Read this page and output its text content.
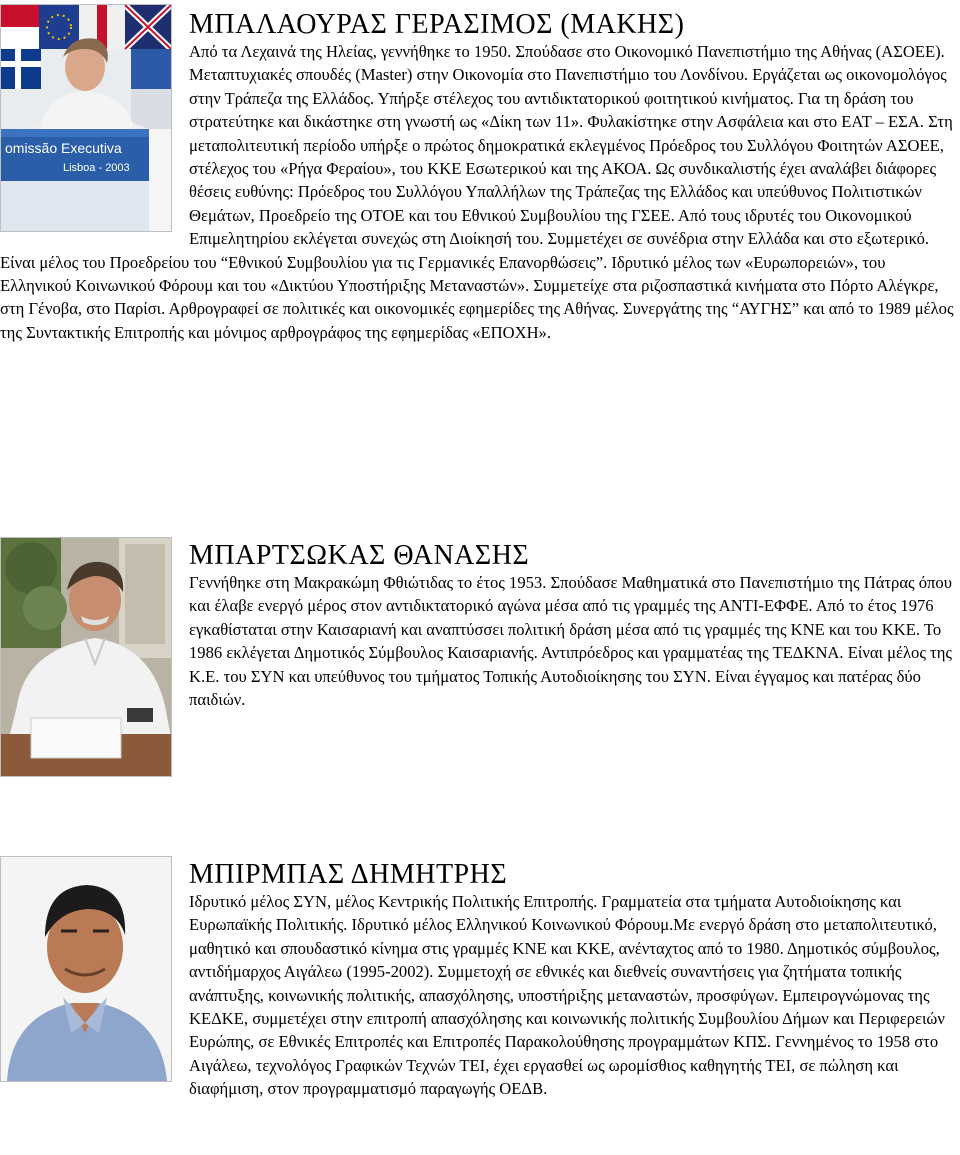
omissão Executiva
Lisboa - 2003
ΜΠΑΛΑΟΥΡΑΣ ΓΕΡΑΣΙΜΟΣ (ΜΑΚΗΣ)

Από τα Λεχαινά της Ηλείας, γεννήθηκε το 1950. Σπούδασε στο Οικονομικό Πανεπιστήμιο της Αθήνας (ΑΣΟΕΕ). Μεταπτυχιακές σπουδές (Master) στην Οικονομία στο Πανεπιστήμιο του Λονδίνου. Εργάζεται ως οικονομολόγος στην Τράπεζα της Ελλάδος. Υπήρξε στέλεχος του αντιδικτατορικού φοιτητικού κινήματος. Για τη δράση του στρατεύτηκε και δικάστηκε στη γνωστή ως «Δίκη των 11». Φυλακίστηκε στην Ασφάλεια και στο ΕΑΤ – ΕΣΑ. Στη μεταπολιτευτική περίοδο υπήρξε ο πρώτος δημοκρατικά εκλεγμένος Πρόεδρος του Συλλόγου Φοιτητών ΑΣΟΕΕ, στέλεχος του «Ρήγα Φεραίου», του ΚΚΕ Εσωτερικού και της ΑΚΟΑ. Ως συνδικαλιστής έχει αναλάβει διάφορες θέσεις ευθύνης: Πρόεδρος του Συλλόγου Υπαλλήλων της Τράπεζας της Ελλάδος και υπεύθυνος Πολιτιστικών Θεμάτων, Προεδρείο της ΟΤΟΕ και του Εθνικού Συμβουλίου της ΓΣΕΕ. Από τους ιδρυτές του Οικονομικού Επιμελητηρίου εκλέγεται συνεχώς στη Διοίκησή του. Συμμετέχει σε συνέδρια στην Ελλάδα και στο εξωτερικό. Είναι μέλος του Προεδρείου του “Εθνικού Συμβουλίου για τις Γερμανικές Επανορθώσεις”. Ιδρυτικό μέλος των «Ευρωπορειών», του Ελληνικού Κοινωνικού Φόρουμ και του «Δικτύου Υποστήριξης Μεταναστών». Συμμετείχε στα ριζοσπαστικά κινήματα στο Πόρτο Αλέγκρε, στη Γένοβα, στο Παρίσι. Αρθρογραφεί σε πολιτικές και οικονομικές εφημερίδες της Αθήνας. Συνεργάτης της “ΑΥΓΗΣ” και από το 1989 μέλος της Συντακτικής Επιτροπής και μόνιμος αρθρογράφος της εφημερίδας «ΕΠΟΧΗ».

ΜΠΑΡΤΣΩΚΑΣ ΘΑΝΑΣΗΣ

Γεννήθηκε στη Μακρακώμη Φθιώτιδας το έτος 1953. Σπούδασε Μαθηματικά στο Πανεπιστήμιο της Πάτρας όπου και έλαβε ενεργό μέρος στον αντιδικτατορικό αγώνα μέσα από τις γραμμές της ΑΝΤΙ-ΕΦΦΕ. Από το έτος 1976 εγκαθίσταται στην Καισαριανή και αναπτύσσει πολιτική δράση μέσα από τις γραμμές της ΚΝΕ και του ΚΚΕ. Το 1986 εκλέγεται Δημοτικός Σύμβουλος Καισαριανής. Αντιπρόεδρος και γραμματέας της ΤΕΔΚΝΑ. Είναι μέλος της Κ.Ε. του ΣΥΝ και υπεύθυνος του τμήματος Τοπικής Αυτοδιοίκησης του ΣΥΝ. Είναι έγγαμος και πατέρας δύο παιδιών.

ΜΠΙΡΜΠΑΣ ΔΗΜΗΤΡΗΣ

Ιδρυτικό μέλος ΣΥΝ, μέλος Κεντρικής Πολιτικής Επιτροπής. Γραμματεία στα τμήματα Αυτοδιοίκησης και Ευρωπαϊκής Πολιτικής. Ιδρυτικό μέλος Ελληνικού Κοινωνικού Φόρουμ.Με ενεργό δράση στο μεταπολιτευτικό, μαθητικό και σπουδαστικό κίνημα στις γραμμές ΚΝΕ και ΚΚΕ, ανένταχτος από το 1980. Δημοτικός σύμβουλος, αντιδήμαρχος Αιγάλεω (1995-2002). Συμμετοχή σε εθνικές και διεθνείς συναντήσεις για ζητήματα τοπικής ανάπτυξης, κοινωνικής πολιτικής, απασχόλησης, υποστήριξης μεταναστών, προσφύγων. Εμπειρογνώμονας της ΚΕΔΚΕ, συμμετέχει στην επιτροπή απασχόλησης και κοινωνικής πολιτικής Συμβουλίου Δήμων και Περιφερειών Ευρώπης, σε Εθνικές Επιτροπές και Επιτροπές Παρακολούθησης προγραμμάτων ΚΠΣ. Γεννημένος το 1958 στο Αιγάλεω, τεχνολόγος Γραφικών Τεχνών ΤΕΙ, έχει εργασθεί ως ωρομίσθιος καθηγητής ΤΕΙ, σε πώληση και διαφήμιση, στον προγραμματισμό παραγωγής ΟΕΔΒ.
